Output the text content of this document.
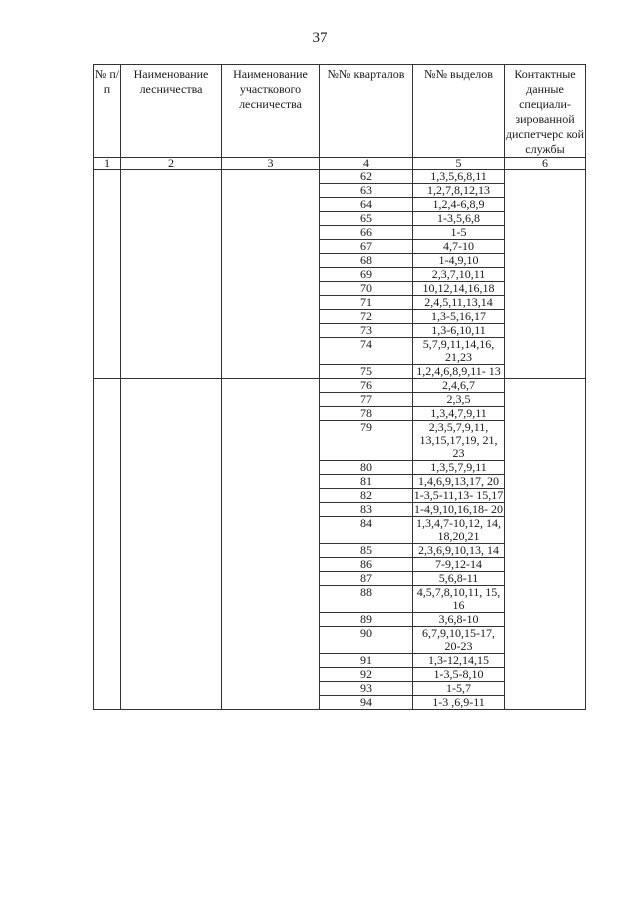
37
№ п/п	Наименование лесничества	Наименование участкового лесничества	№№ кварталов	№№ выделов	Контактные данные специали-зированной диспетчерс кой службы
1	2	3	4	5	6
			62	1,3,5,6,8,11	
			63	1,2,7,8,12,13	
			64	1,2,4-6,8,9	
			65	1-3,5,6,8	
			66	1-5	
			67	4,7-10	
			68	1-4,9,10	
			69	2,3,7,10,11	
			70	10,12,14,16,18	
			71	2,4,5,11,13,14	
			72	1,3-5,16,17	
			73	1,3-6,10,11	
			74	5,7,9,11,14,16, 21,23	
			75	1,2,4,6,8,9,11- 13	
			76	2,4,6,7	
			77	2,3,5	
			78	1,3,4,7,9,11	
			79	2,3,5,7,9,11, 13,15,17,19, 21, 23	
			80	1,3,5,7,9,11	
			81	1,4,6,9,13,17, 20	
			82	1-3,5-11,13- 15,17	
			83	1-4,9,10,16,18- 20	
			84	1,3,4,7-10,12, 14, 18,20,21	
			85	2,3,6,9,10,13, 14	
			86	7-9,12-14	
			87	5,6,8-11	
			88	4,5,7,8,10,11, 15, 16	
			89	3,6,8-10	
			90	6,7,9,10,15-17, 20-23	
			91	1,3-12,14,15	
			92	1-3,5-8,10	
			93	1-5,7	
			94	1-3 ,6,9-11	
